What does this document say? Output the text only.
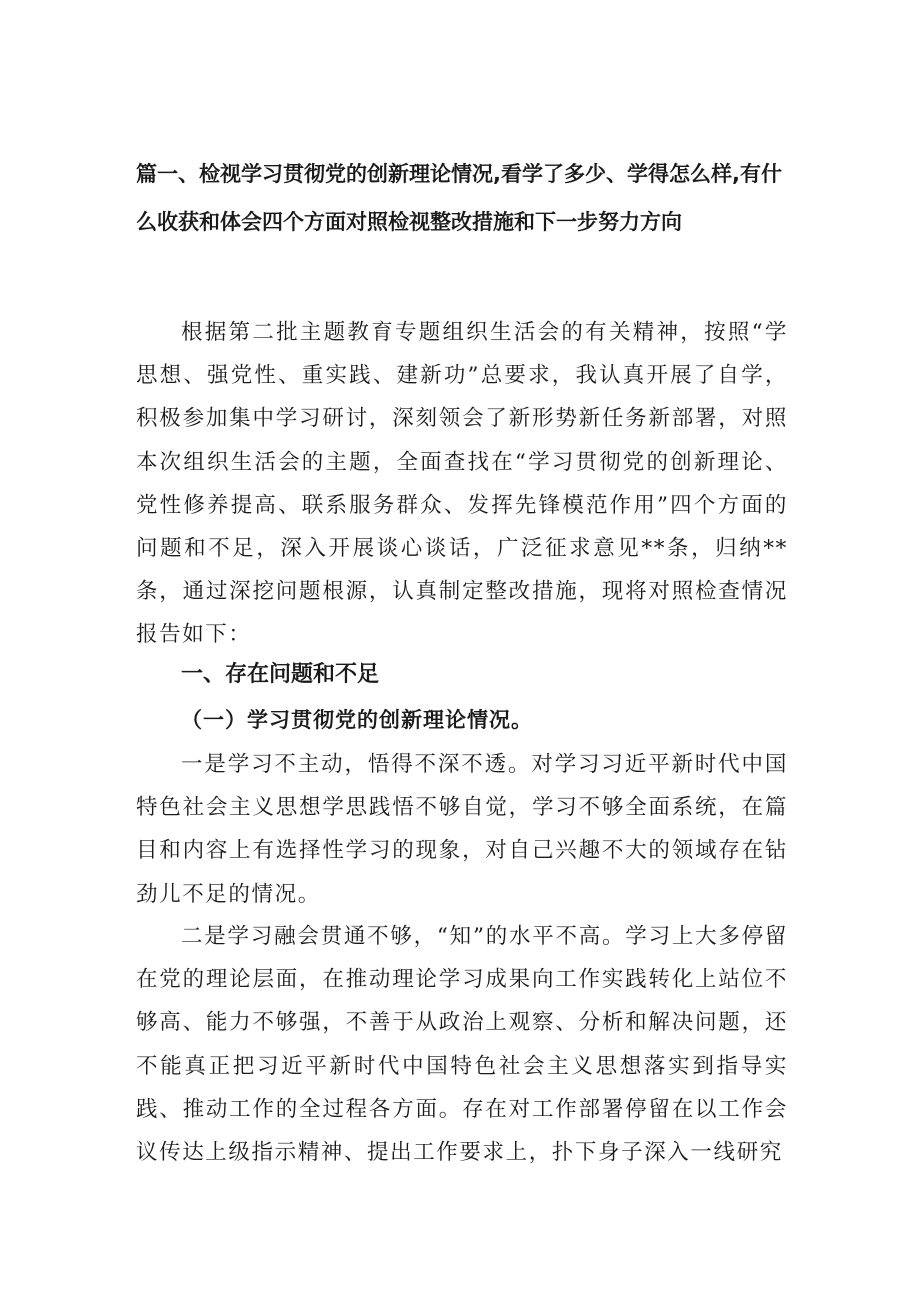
篇一、检视学习贯彻党的创新理论情况,看学了多少、学得怎么样,有什么收获和体会四个方面对照检视整改措施和下一步努力方向

根据第二批主题教育专题组织生活会的有关精神，按照“学思想、强党性、重实践、建新功”总要求，我认真开展了自学，积极参加集中学习研讨，深刻领会了新形势新任务新部署，对照本次组织生活会的主题，全面查找在“学习贯彻党的创新理论、党性修养提高、联系服务群众、发挥先锋模范作用”四个方面的问题和不足，深入开展谈心谈话，广泛征求意见**条，归纳**条，通过深挖问题根源，认真制定整改措施，现将对照检查情况报告如下：

一、存在问题和不足
（一）学习贯彻党的创新理论情况。

一是学习不主动，悟得不深不透。对学习习近平新时代中国特色社会主义思想学思践悟不够自觉，学习不够全面系统，在篇目和内容上有选择性学习的现象，对自己兴趣不大的领域存在钻劲儿不足的情况。

二是学习融会贯通不够，“知”的水平不高。学习上大多停留在党的理论层面，在推动理论学习成果向工作实践转化上站位不够高、能力不够强，不善于从政治上观察、分析和解决问题，还不能真正把习近平新时代中国特色社会主义思想落实到指导实践、推动工作的全过程各方面。存在对工作部署停留在以工作会议传达上级指示精神、提出工作要求上，扑下身子深入一线研究
